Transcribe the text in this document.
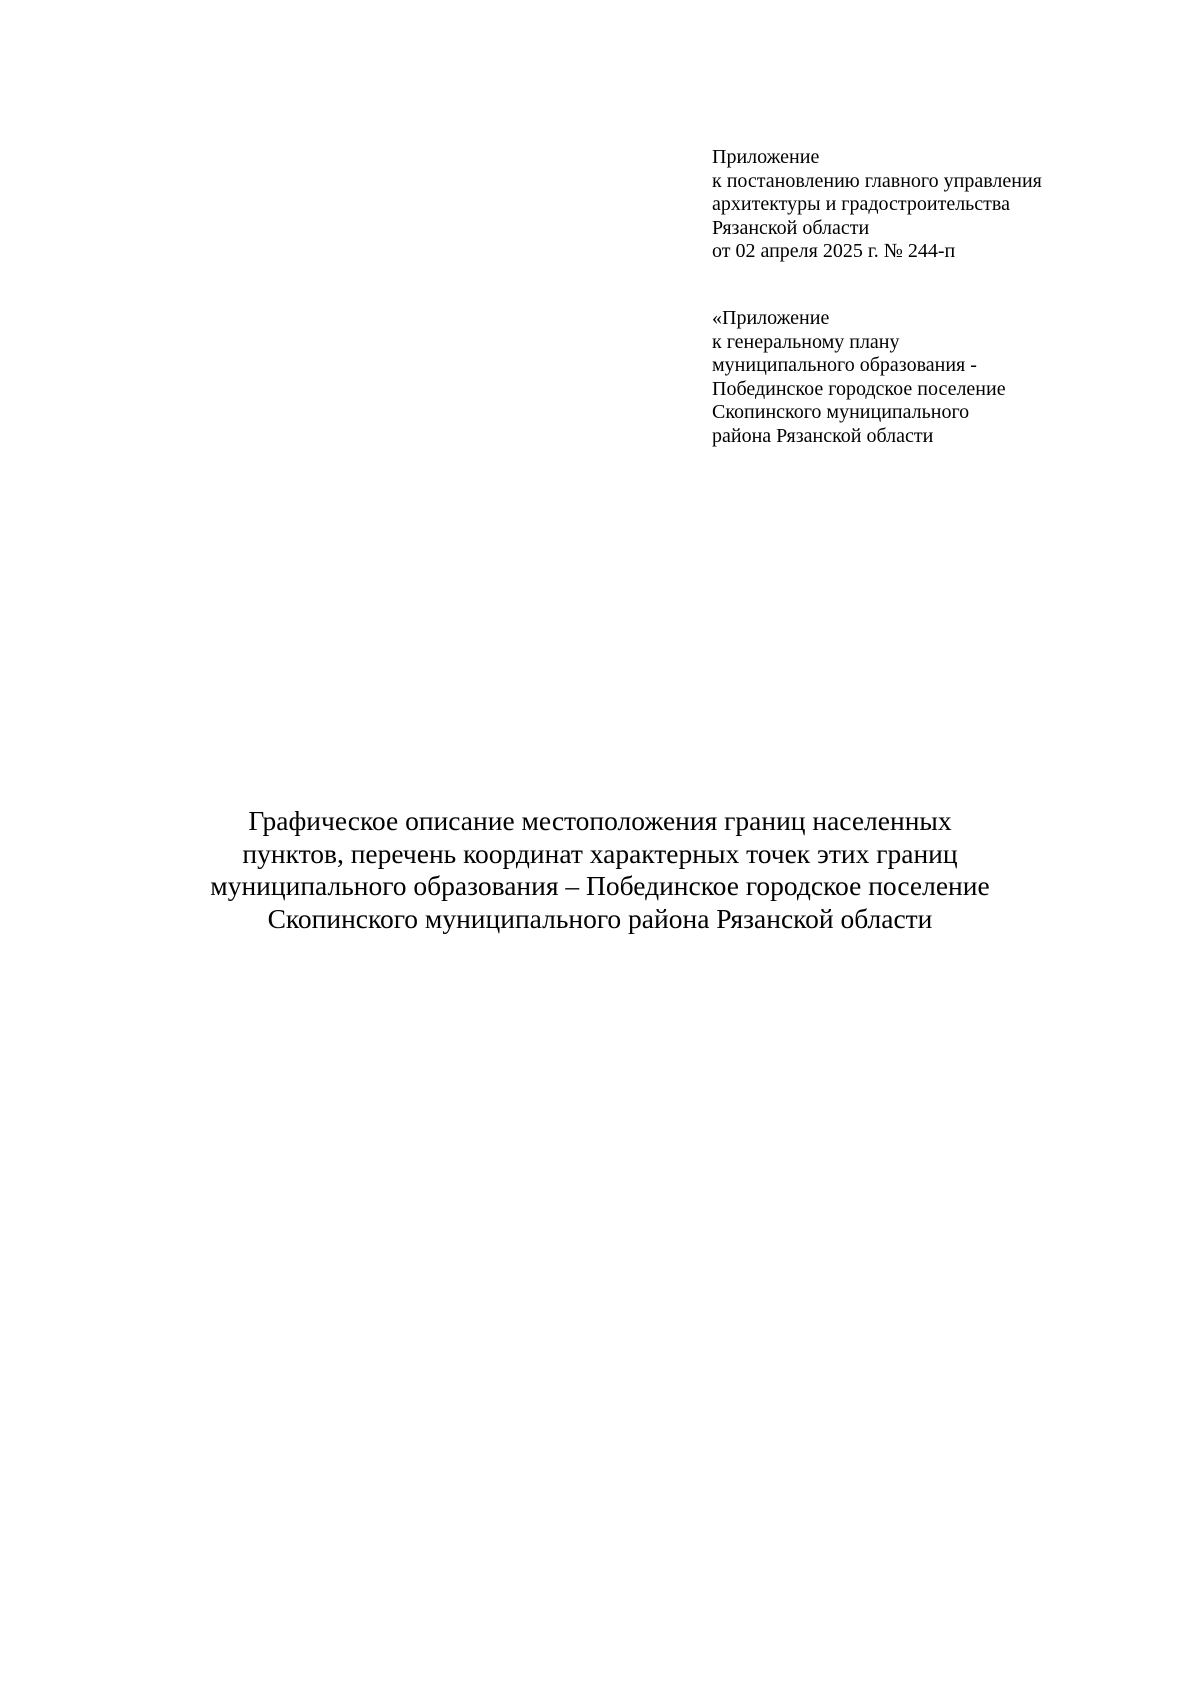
Приложение
к постановлению главного управления
архитектуры и градостроительства
Рязанской области
от 02 апреля 2025 г. № 244-п
«Приложение
к генеральному плану
муниципального образования -
Побединское городское поселение
Скопинского муниципального
района Рязанской области
Графическое описание местоположения границ населенных
пунктов, перечень координат характерных точек этих границ
муниципального образования – Побединское городское поселение
Скопинского муниципального района Рязанской области
